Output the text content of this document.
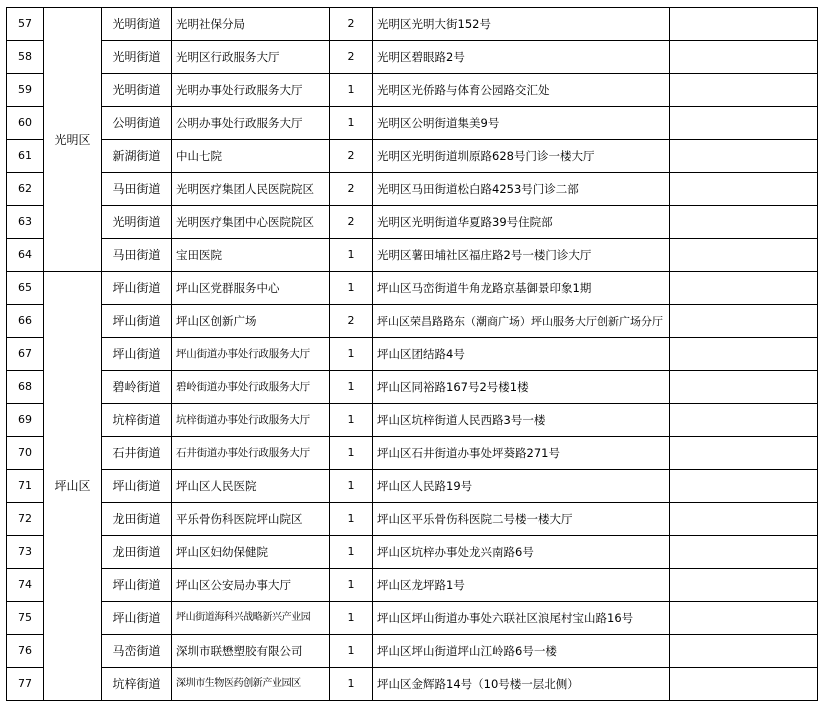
57	光明区	光明街道	光明社保分局	2	光明区光明大街152号	
58		光明街道	光明区行政服务大厅	2	光明区碧眼路2号	
59		光明街道	光明办事处行政服务大厅	1	光明区光侨路与体育公园路交汇处	
60		公明街道	公明办事处行政服务大厅	1	光明区公明街道集美9号	
61		新湖街道	中山七院	2	光明区光明街道圳原路628号门诊一楼大厅	
62		马田街道	光明医疗集团人民医院院区	2	光明区马田街道松白路4253号门诊二部	
63		光明街道	光明医疗集团中心医院院区	2	光明区光明街道华夏路39号住院部	
64		马田街道	宝田医院	1	光明区薯田埔社区福庄路2号一楼门诊大厅	
65	坪山区	坪山街道	坪山区党群服务中心	1	坪山区马峦街道牛角龙路京基御景印象1期	
66		坪山街道	坪山区创新广场	2	坪山区荣昌路路东（潮商广场）坪山服务大厅创新广场分厅	
67		坪山街道	坪山街道办事处行政服务大厅	1	坪山区团结路4号	
68		碧岭街道	碧岭街道办事处行政服务大厅	1	坪山区同裕路167号2号楼1楼	
69		坑梓街道	坑梓街道办事处行政服务大厅	1	坪山区坑梓街道人民西路3号一楼	
70		石井街道	石井街道办事处行政服务大厅	1	坪山区石井街道办事处坪葵路271号	
71		坪山街道	坪山区人民医院	1	坪山区人民路19号	
72		龙田街道	平乐骨伤科医院坪山院区	1	坪山区平乐骨伤科医院二号楼一楼大厅	
73		龙田街道	坪山区妇幼保健院	1	坪山区坑梓办事处龙兴南路6号	
74		坪山街道	坪山区公安局办事大厅	1	坪山区龙坪路1号	
75		坪山街道	坪山街道海科兴战略新兴产业园	1	坪山区坪山街道办事处六联社区浪尾村宝山路16号	
76		马峦街道	深圳市联懋塑胶有限公司	1	坪山区坪山街道坪山江岭路6号一楼	
77		坑梓街道	深圳市生物医药创新产业园区	1	坪山区金辉路14号（10号楼一层北侧）	
